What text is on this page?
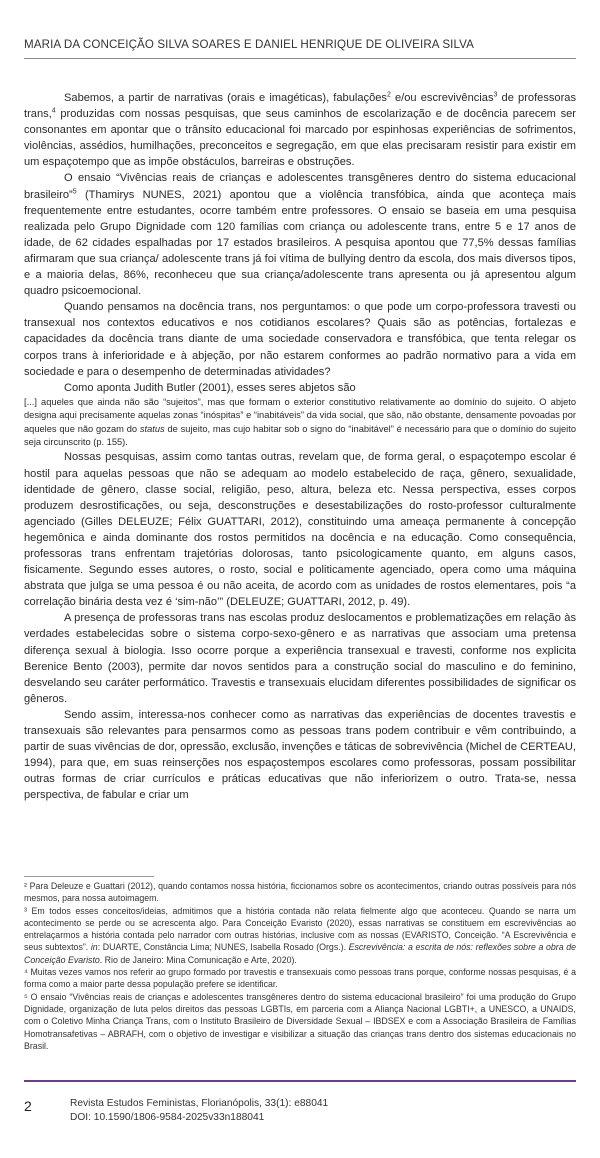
MARIA DA CONCEIÇÃO SILVA SOARES E DANIEL HENRIQUE DE OLIVEIRA SILVA

Sabemos, a partir de narrativas (orais e imagéticas), fabulações$^2$ e/ou escrevivências$^3$ de professoras trans,$^4$ produzidas com nossas pesquisas, que seus caminhos de escolarização e de docência parecem ser consonantes em apontar que o trânsito educacional foi marcado por espinhosas experiências de sofrimentos, violências, assédios, humilhações, preconceitos e segregação, em que elas precisaram resistir para existir em um espaçotempo que as impõe obstáculos, barreiras e obstruções.

O ensaio “Vivências reais de crianças e adolescentes transgêneres dentro do sistema educacional brasileiro”$^5$ (Thamirys NUNES, 2021) apontou que a violência transfóbica, ainda que aconteça mais frequentemente entre estudantes, ocorre também entre professores. O ensaio se baseia em uma pesquisa realizada pelo Grupo Dignidade com 120 famílias com criança ou adolescente trans, entre 5 e 17 anos de idade, de 62 cidades espalhadas por 17 estados brasileiros. A pesquisa apontou que 77,5% dessas famílias afirmaram que sua criança/ adolescente trans já foi vítima de bullying dentro da escola, dos mais diversos tipos, e a maioria delas, 86%, reconheceu que sua criança/adolescente trans apresenta ou já apresentou algum quadro psicoemocional.

Quando pensamos na docência trans, nos perguntamos: o que pode um corpo-professora travesti ou transexual nos contextos educativos e nos cotidianos escolares? Quais são as potências, fortalezas e capacidades da docência trans diante de uma sociedade conservadora e transfóbica, que tenta relegar os corpos trans à inferioridade e à abjeção, por não estarem conformes ao padrão normativo para a vida em sociedade e para o desempenho de determinadas atividades?

Como aponta Judith Butler (2001), esses seres abjetos são

[...] aqueles que ainda não são “sujeitos”, mas que formam o exterior constitutivo relativamente ao domínio do sujeito. O abjeto designa aqui precisamente aquelas zonas “inóspitas” e “inabitáveis” da vida social, que são, não obstante, densamente povoadas por aqueles que não gozam do status de sujeito, mas cujo habitar sob o signo do “inabitável” é necessário para que o domínio do sujeito seja circunscrito (p. 155).

Nossas pesquisas, assim como tantas outras, revelam que, de forma geral, o espaçotempo escolar é hostil para aquelas pessoas que não se adequam ao modelo estabelecido de raça, gênero, sexualidade, identidade de gênero, classe social, religião, peso, altura, beleza etc. Nessa perspectiva, esses corpos produzem desrostificações, ou seja, desconstruções e desestabilizações do rosto-professor culturalmente agenciado (Gilles DELEUZE; Félix GUATTARI, 2012), constituindo uma ameaça permanente à concepção hegemônica e ainda dominante dos rostos permitidos na docência e na educação. Como consequência, professoras trans enfrentam trajetórias dolorosas, tanto psicologicamente quanto, em alguns casos, fisicamente. Segundo esses autores, o rosto, social e politicamente agenciado, opera como uma máquina abstrata que julga se uma pessoa é ou não aceita, de acordo com as unidades de rostos elementares, pois “a correlação binária desta vez é ‘sim-não’” (DELEUZE; GUATTARI, 2012, p. 49).

A presença de professoras trans nas escolas produz deslocamentos e problematizações em relação às verdades estabelecidas sobre o sistema corpo-sexo-gênero e as narrativas que associam uma pretensa diferença sexual à biologia. Isso ocorre porque a experiência transexual e travesti, conforme nos explicita Berenice Bento (2003), permite dar novos sentidos para a construção social do masculino e do feminino, desvelando seu caráter performático. Travestis e transexuais elucidam diferentes possibilidades de significar os gêneros.

Sendo assim, interessa-nos conhecer como as narrativas das experiências de docentes travestis e transexuais são relevantes para pensarmos como as pessoas trans podem contribuir e vêm contribuindo, a partir de suas vivências de dor, opressão, exclusão, invenções e táticas de sobrevivência (Michel de CERTEAU, 1994), para que, em suas reinserções nos espaçostempos escolares como professoras, possam possibilitar outras formas de criar currículos e práticas educativas que não inferiorizem o outro. Trata-se, nessa perspectiva, de fabular e criar um

² Para Deleuze e Guattari (2012), quando contamos nossa história, ficcionamos sobre os acontecimentos, criando outras possíveis para nós mesmos, para nossa autoimagem.

³ Em todos esses conceitos/ideias, admitimos que a história contada não relata fielmente algo que aconteceu. Quando se narra um acontecimento se perde ou se acrescenta algo. Para Conceição Evaristo (2020), essas narrativas se constituem em escrevivências ao entrelaçarmos a história contada pelo narrador com outras histórias, inclusive com as nossas (EVARISTO, Conceição. “A Escrevivência e seus subtextos”. in: DUARTE, Constância Lima; NUNES, Isabella Rosado (Orgs.). Escrevivência: a escrita de nós: reflexões sobre a obra de Conceição Evaristo. Rio de Janeiro: Mina Comunicação e Arte, 2020).

⁴ Muitas vezes vamos nos referir ao grupo formado por travestis e transexuais como pessoas trans porque, conforme nossas pesquisas, é a forma como a maior parte dessa população prefere se identificar.

⁵ O ensaio “Vivências reais de crianças e adolescentes transgêneres dentro do sistema educacional brasileiro” foi uma produção do Grupo Dignidade, organização de luta pelos direitos das pessoas LGBTIs, em parceria com a Aliança Nacional LGBTI+, a UNESCO, a UNAIDS, com o Coletivo Minha Criança Trans, com o Instituto Brasileiro de Diversidade Sexual – IBDSEX e com a Associação Brasileira de Famílias Homotransafetivas – ABRAFH, com o objetivo de investigar e visibilizar a situação das crianças trans dentro dos sistemas educacionais no Brasil.

2	Revista Estudos Feministas, Florianópolis, 33(1): e88041
DOI: 10.1590/1806-9584-2025v33n188041
